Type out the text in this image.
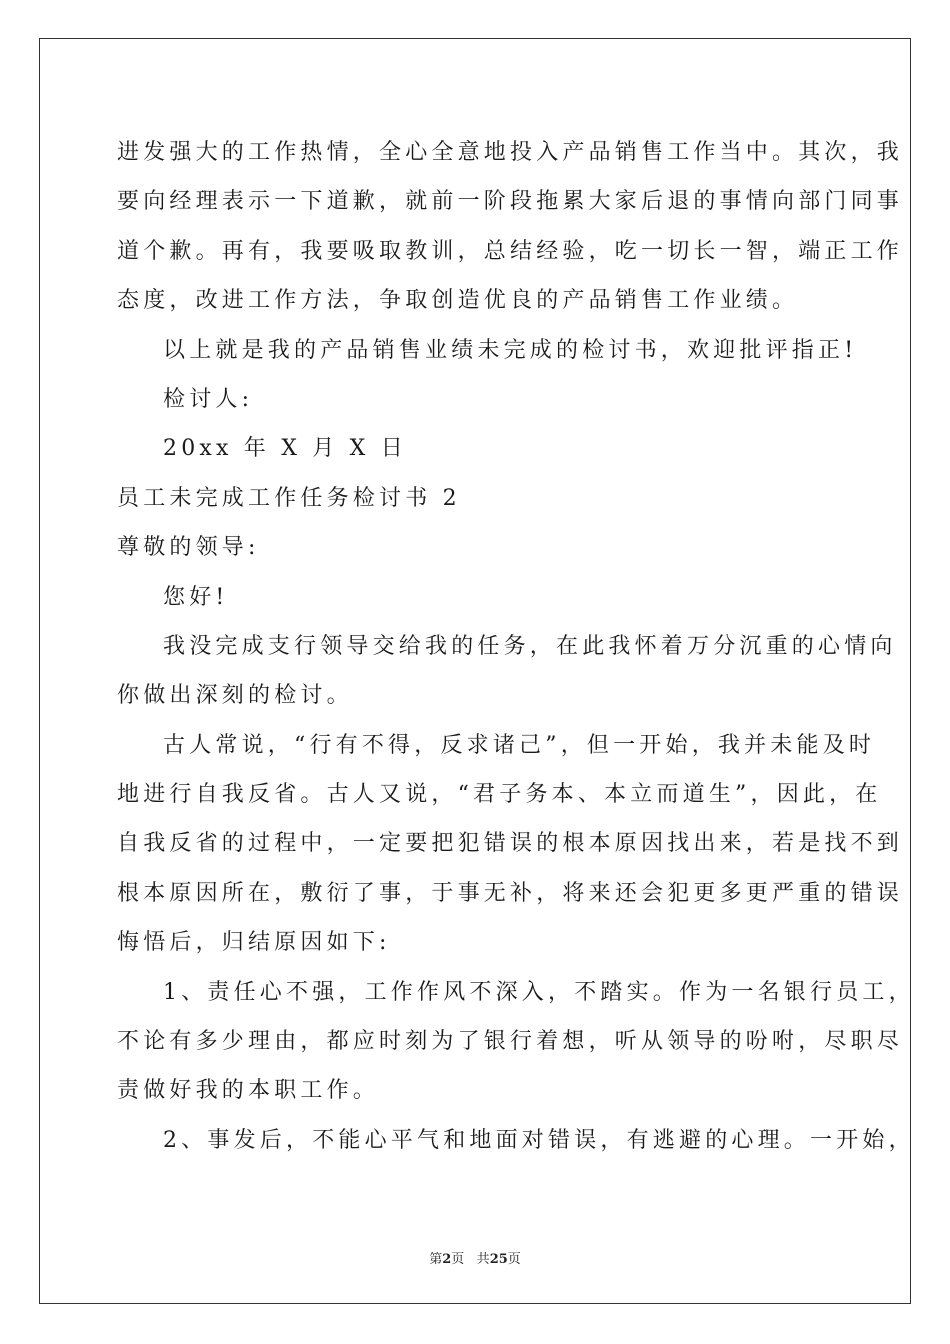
进发强大的工作热情，全心全意地投入产品销售工作当中。其次，我
要向经理表示一下道歉，就前一阶段拖累大家后退的事情向部门同事
道个歉。再有，我要吸取教训，总结经验，吃一切长一智，端正工作
态度，改进工作方法，争取创造优良的产品销售工作业绩。
以上就是我的产品销售业绩未完成的检讨书，欢迎批评指正!
检讨人:
20xx 年 X 月 X 日
员工未完成工作任务检讨书 2
尊敬的领导:
您好!
我没完成支行领导交给我的任务，在此我怀着万分沉重的心情向
你做出深刻的检讨。
古人常说，“行有不得，反求诸己”，但一开始，我并未能及时
地进行自我反省。古人又说，“君子务本、本立而道生”，因此，在
自我反省的过程中，一定要把犯错误的根本原因找出来，若是找不到
根本原因所在，敷衍了事，于事无补，将来还会犯更多更严重的错误
悔悟后，归结原因如下:
1、责任心不强，工作作风不深入，不踏实。作为一名银行员工，
不论有多少理由，都应时刻为了银行着想，听从领导的吩咐，尽职尽
责做好我的本职工作。
2、事发后，不能心平气和地面对错误，有逃避的心理。一开始，
第2页 共25页
